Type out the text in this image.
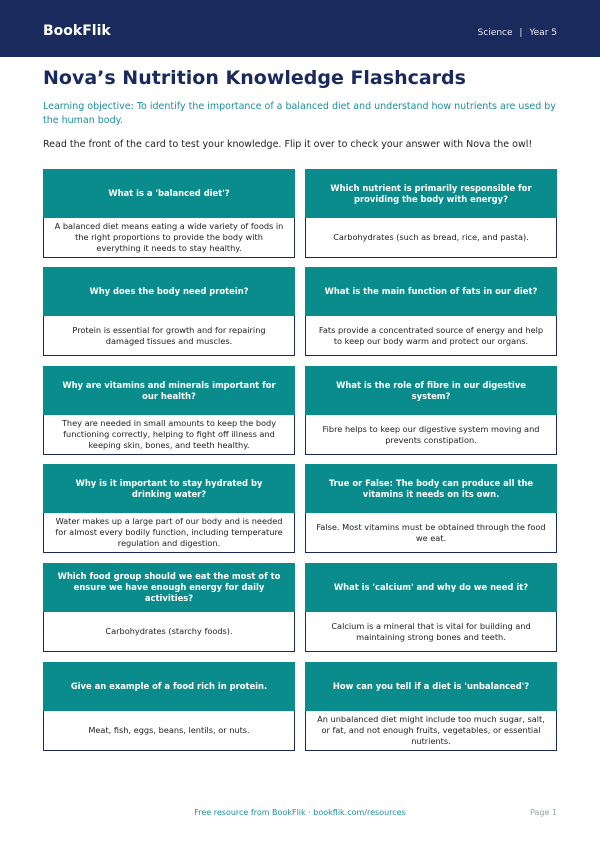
BookFlik	Science | Year 5
Nova’s Nutrition Knowledge Flashcards
Learning objective: To identify the importance of a balanced diet and understand how nutrients are used by the human body.
Read the front of the card to test your knowledge. Flip it over to check your answer with Nova the owl!
What is a 'balanced diet'?
A balanced diet means eating a wide variety of foods in the right proportions to provide the body with everything it needs to stay healthy.
Which nutrient is primarily responsible for providing the body with energy?
Carbohydrates (such as bread, rice, and pasta).
Why does the body need protein?
Protein is essential for growth and for repairing damaged tissues and muscles.
What is the main function of fats in our diet?
Fats provide a concentrated source of energy and help to keep our body warm and protect our organs.
Why are vitamins and minerals important for our health?
They are needed in small amounts to keep the body functioning correctly, helping to fight off illness and keeping skin, bones, and teeth healthy.
What is the role of fibre in our digestive system?
Fibre helps to keep our digestive system moving and prevents constipation.
Why is it important to stay hydrated by drinking water?
Water makes up a large part of our body and is needed for almost every bodily function, including temperature regulation and digestion.
True or False: The body can produce all the vitamins it needs on its own.
False. Most vitamins must be obtained through the food we eat.
Which food group should we eat the most of to ensure we have enough energy for daily activities?
Carbohydrates (starchy foods).
What is 'calcium' and why do we need it?
Calcium is a mineral that is vital for building and maintaining strong bones and teeth.
Give an example of a food rich in protein.
Meat, fish, eggs, beans, lentils, or nuts.
How can you tell if a diet is 'unbalanced'?
An unbalanced diet might include too much sugar, salt, or fat, and not enough fruits, vegetables, or essential nutrients.
Free resource from BookFlik · bookflik.com/resources	Page 1
